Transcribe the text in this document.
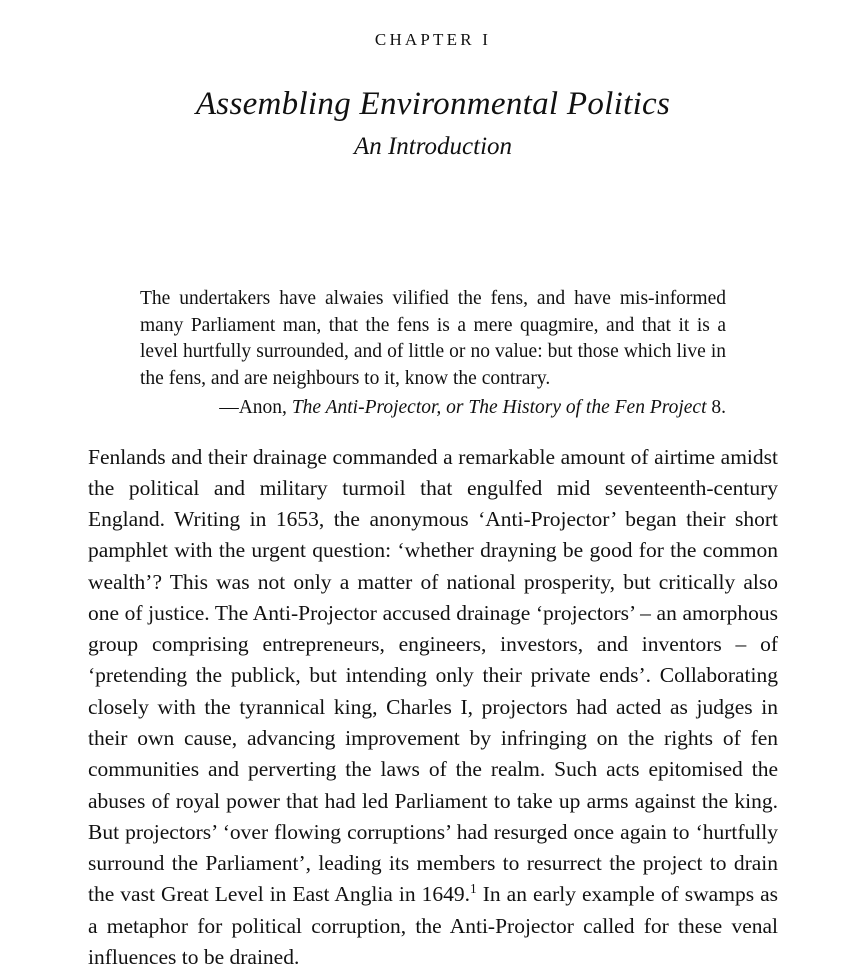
CHAPTER I
Assembling Environmental Politics
An Introduction

The undertakers have alwaies vilified the fens, and have mis-informed many Parliament man, that the fens is a mere quagmire, and that it is a level hurtfully surrounded, and of little or no value: but those which live in the fens, and are neighbours to it, know the contrary.

—Anon, The Anti-Projector, or The History of the Fen Project 8.

Fenlands and their drainage commanded a remarkable amount of airtime amidst the political and military turmoil that engulfed mid seventeenth-century England. Writing in 1653, the anonymous ‘Anti-Projector’ began their short pamphlet with the urgent question: ‘whether drayning be good for the common wealth’? This was not only a matter of national prosperity, but critically also one of justice. The Anti-Projector accused drainage ‘projectors’ – an amorphous group comprising entrepreneurs, engineers, investors, and inventors – of ‘pretending the publick, but intending only their private ends’. Collaborating closely with the tyrannical king, Charles I, projectors had acted as judges in their own cause, advancing improvement by infringing on the rights of fen communities and perverting the laws of the realm. Such acts epitomised the abuses of royal power that had led Parliament to take up arms against the king. But projectors’ ‘over flowing corruptions’ had resurged once again to ‘hurtfully surround the Parliament’, leading its members to resurrect the project to drain the vast Great Level in East Anglia in 1649.$^1$ In an early example of swamps as a metaphor for political corruption, the Anti-Projector called for these venal influences to be drained.
